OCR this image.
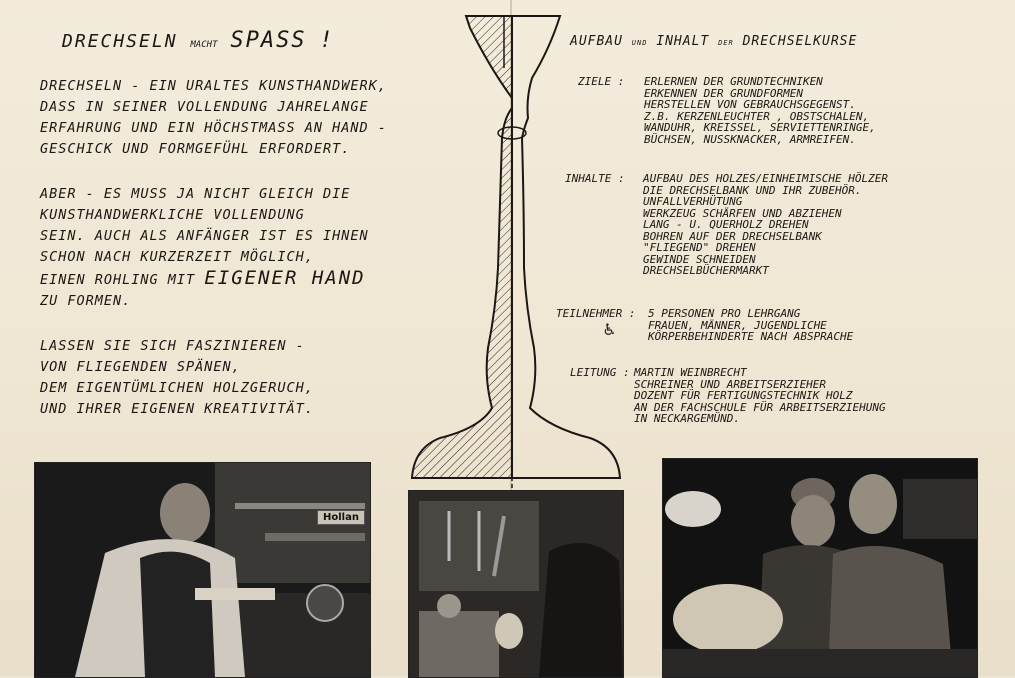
DRECHSELN MACHT SPASS !
DRECHSELN - EIN URALTES KUNSTHANDWERK,
DASS IN SEINER VOLLENDUNG JAHRELANGE
ERFAHRUNG UND EIN HÖCHSTMASS AN HAND -
GESCHICK UND FORMGEFÜHL ERFORDERT.
ABER - ES MUSS JA NICHT GLEICH DIE
KUNSTHANDWERKLICHE VOLLENDUNG
SEIN. AUCH ALS ANFÄNGER IST ES IHNEN
SCHON NACH KURZERZEIT MÖGLICH,
EINEN ROHLING MIT EIGENER HAND
ZU FORMEN.
LASSEN SIE SICH FASZINIEREN -
VON FLIEGENDEN SPÄNEN,
DEM EIGENTÜMLICHEN HOLZGERUCH,
UND IHRER EIGENEN KREATIVITÄT.
AUFBAU UND INHALT DER DRECHSELKURSE
ZIELE : ERLERNEN DER GRUNDTECHNIKEN
ERKENNEN DER GRUNDFORMEN
HERSTELLEN VON GEBRAUCHSGEGENST.
Z.B. KERZENLEUCHTER , OBSTSCHALEN,
WANDUHR, KREISSEL, SERVIETTENRINGE,
BÜCHSEN, NUSSKNACKER, ARMREIFEN.
INHALTE : AUFBAU DES HOLZES/EINHEIMISCHE HÖLZER
DIE DRECHSELBANK UND IHR ZUBEHÖR.
UNFALLVERHÜTUNG
WERKZEUG SCHÄRFEN UND ABZIEHEN
LANG - U. QUERHOLZ DREHEN
BOHREN AUF DER DRECHSELBANK
"FLIEGEND" DREHEN
GEWINDE SCHNEIDEN
DRECHSELBÜCHERMARKT
TEILNEHMER :
♿
5 PERSONEN PRO LEHRGANG
FRAUEN, MÄNNER, JUGENDLICHE
KÖRPERBEHINDERTE NACH ABSPRACHE
LEITUNG : MARTIN WEINBRECHT
SCHREINER UND ARBEITSERZIEHER
DOZENT FÜR FERTIGUNGSTECHNIK HOLZ
AN DER FACHSCHULE FÜR ARBEITSERZIEHUNG
IN NECKARGEMÜND.
Hollan
